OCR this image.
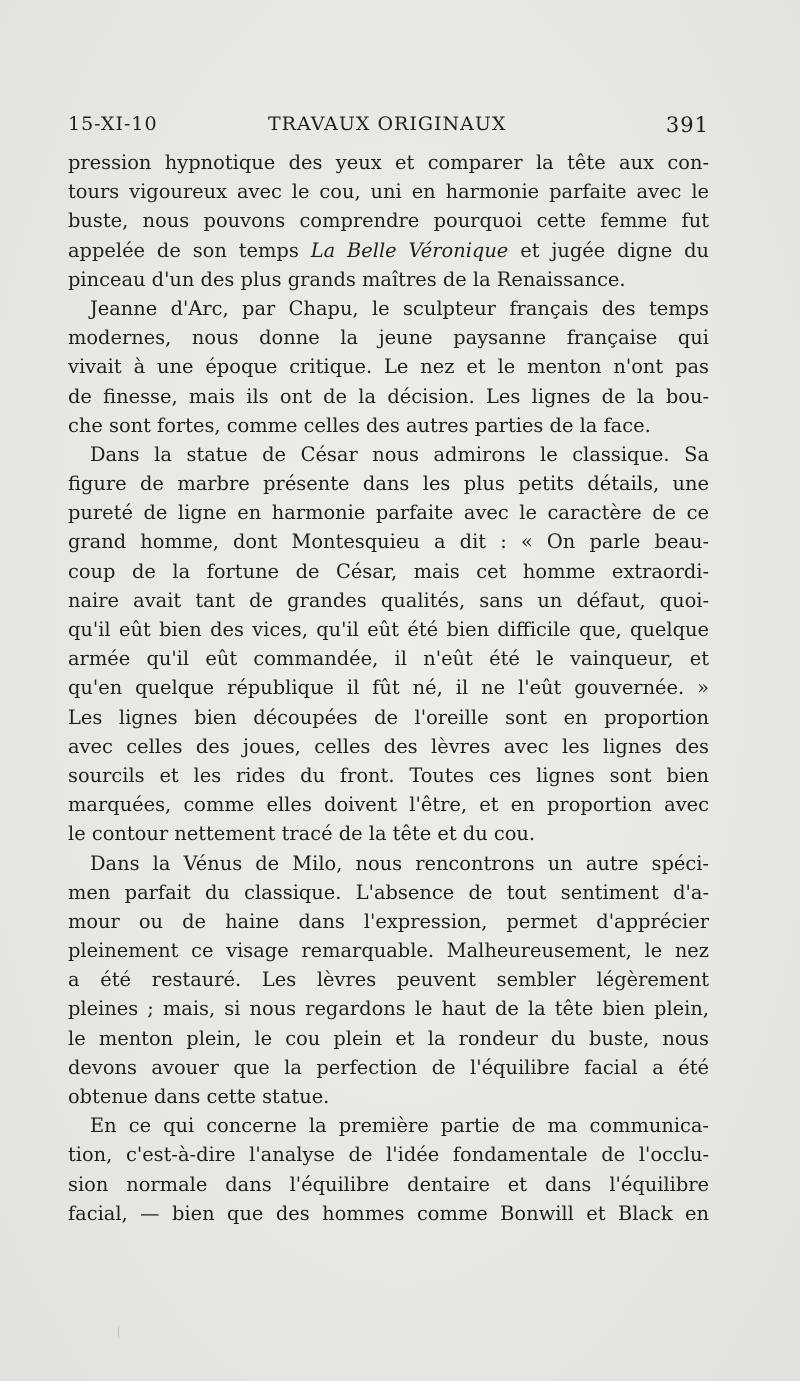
15-XI-10	TRAVAUX ORIGINAUX	391
pression hypnotique des yeux et comparer la tête aux con-
tours vigoureux avec le cou, uni en harmonie parfaite avec le
buste, nous pouvons comprendre pourquoi cette femme fut
appelée de son temps La Belle Véronique et jugée digne du
pinceau d'un des plus grands maîtres de la Renaissance.
Jeanne d'Arc, par Chapu, le sculpteur français des temps
modernes, nous donne la jeune paysanne française qui
vivait à une époque critique. Le nez et le menton n'ont pas
de finesse, mais ils ont de la décision. Les lignes de la bou-
che sont fortes, comme celles des autres parties de la face.
Dans la statue de César nous admirons le classique. Sa
figure de marbre présente dans les plus petits détails, une
pureté de ligne en harmonie parfaite avec le caractère de ce
grand homme, dont Montesquieu a dit : « On parle beau-
coup de la fortune de César, mais cet homme extraordi-
naire avait tant de grandes qualités, sans un défaut, quoi-
qu'il eût bien des vices, qu'il eût été bien difficile que, quelque
armée qu'il eût commandée, il n'eût été le vainqueur, et
qu'en quelque république il fût né, il ne l'eût gouvernée. »
Les lignes bien découpées de l'oreille sont en proportion
avec celles des joues, celles des lèvres avec les lignes des
sourcils et les rides du front. Toutes ces lignes sont bien
marquées, comme elles doivent l'être, et en proportion avec
le contour nettement tracé de la tête et du cou.
Dans la Vénus de Milo, nous rencontrons un autre spéci-
men parfait du classique. L'absence de tout sentiment d'a-
mour ou de haine dans l'expression, permet d'apprécier
pleinement ce visage remarquable. Malheureusement, le nez
a été restauré. Les lèvres peuvent sembler légèrement
pleines ; mais, si nous regardons le haut de la tête bien plein,
le menton plein, le cou plein et la rondeur du buste, nous
devons avouer que la perfection de l'équilibre facial a été
obtenue dans cette statue.
En ce qui concerne la première partie de ma communica-
tion, c'est-à-dire l'analyse de l'idée fondamentale de l'occlu-
sion normale dans l'équilibre dentaire et dans l'équilibre
facial, — bien que des hommes comme Bonwill et Black en
